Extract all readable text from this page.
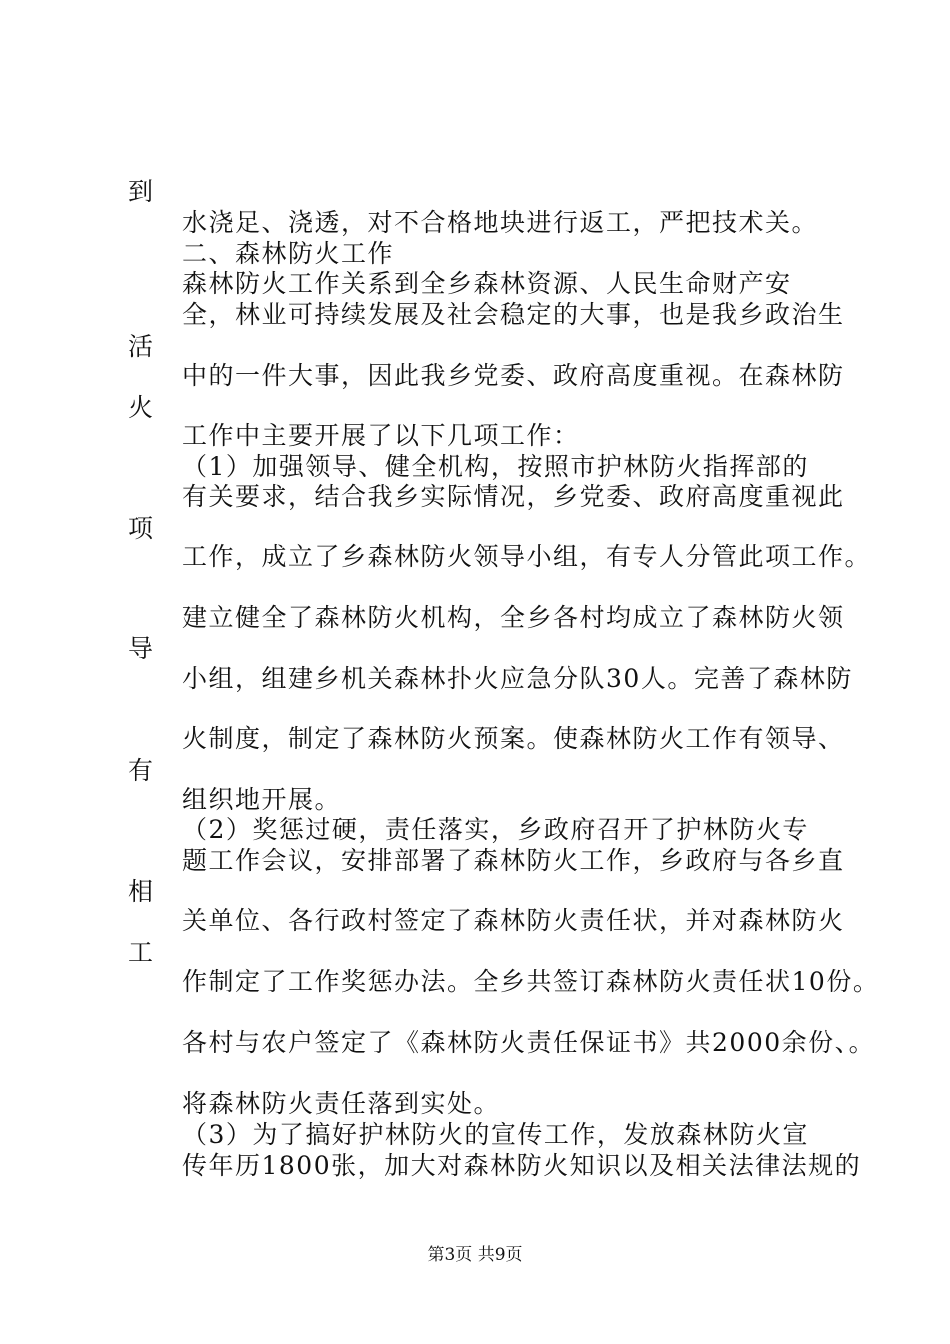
到
活
火
项
导
有
相
工
水浇足、浇透，对不合格地块进行返工，严把技术关。
二、森林防火工作
森林防火工作关系到全乡森林资源、人民生命财产安
全，林业可持续发展及社会稳定的大事，也是我乡政治生
中的一件大事，因此我乡党委、政府高度重视。在森林防
工作中主要开展了以下几项工作：
（1）加强领导、健全机构，按照市护林防火指挥部的
有关要求，结合我乡实际情况，乡党委、政府高度重视此
工作，成立了乡森林防火领导小组，有专人分管此项工作。
建立健全了森林防火机构，全乡各村均成立了森林防火领
小组，组建乡机关森林扑火应急分队30人。完善了森林防
火制度，制定了森林防火预案。使森林防火工作有领导、
组织地开展。
（2）奖惩过硬，责任落实，乡政府召开了护林防火专
题工作会议，安排部署了森林防火工作，乡政府与各乡直
关单位、各行政村签定了森林防火责任状，并对森林防火
作制定了工作奖惩办法。全乡共签订森林防火责任状10份。
各村与农户签定了《森林防火责任保证书》共2000余份、。
将森林防火责任落到实处。
（3）为了搞好护林防火的宣传工作，发放森林防火宣
传年历1800张，加大对森林防火知识以及相关法律法规的
第3页 共9页
